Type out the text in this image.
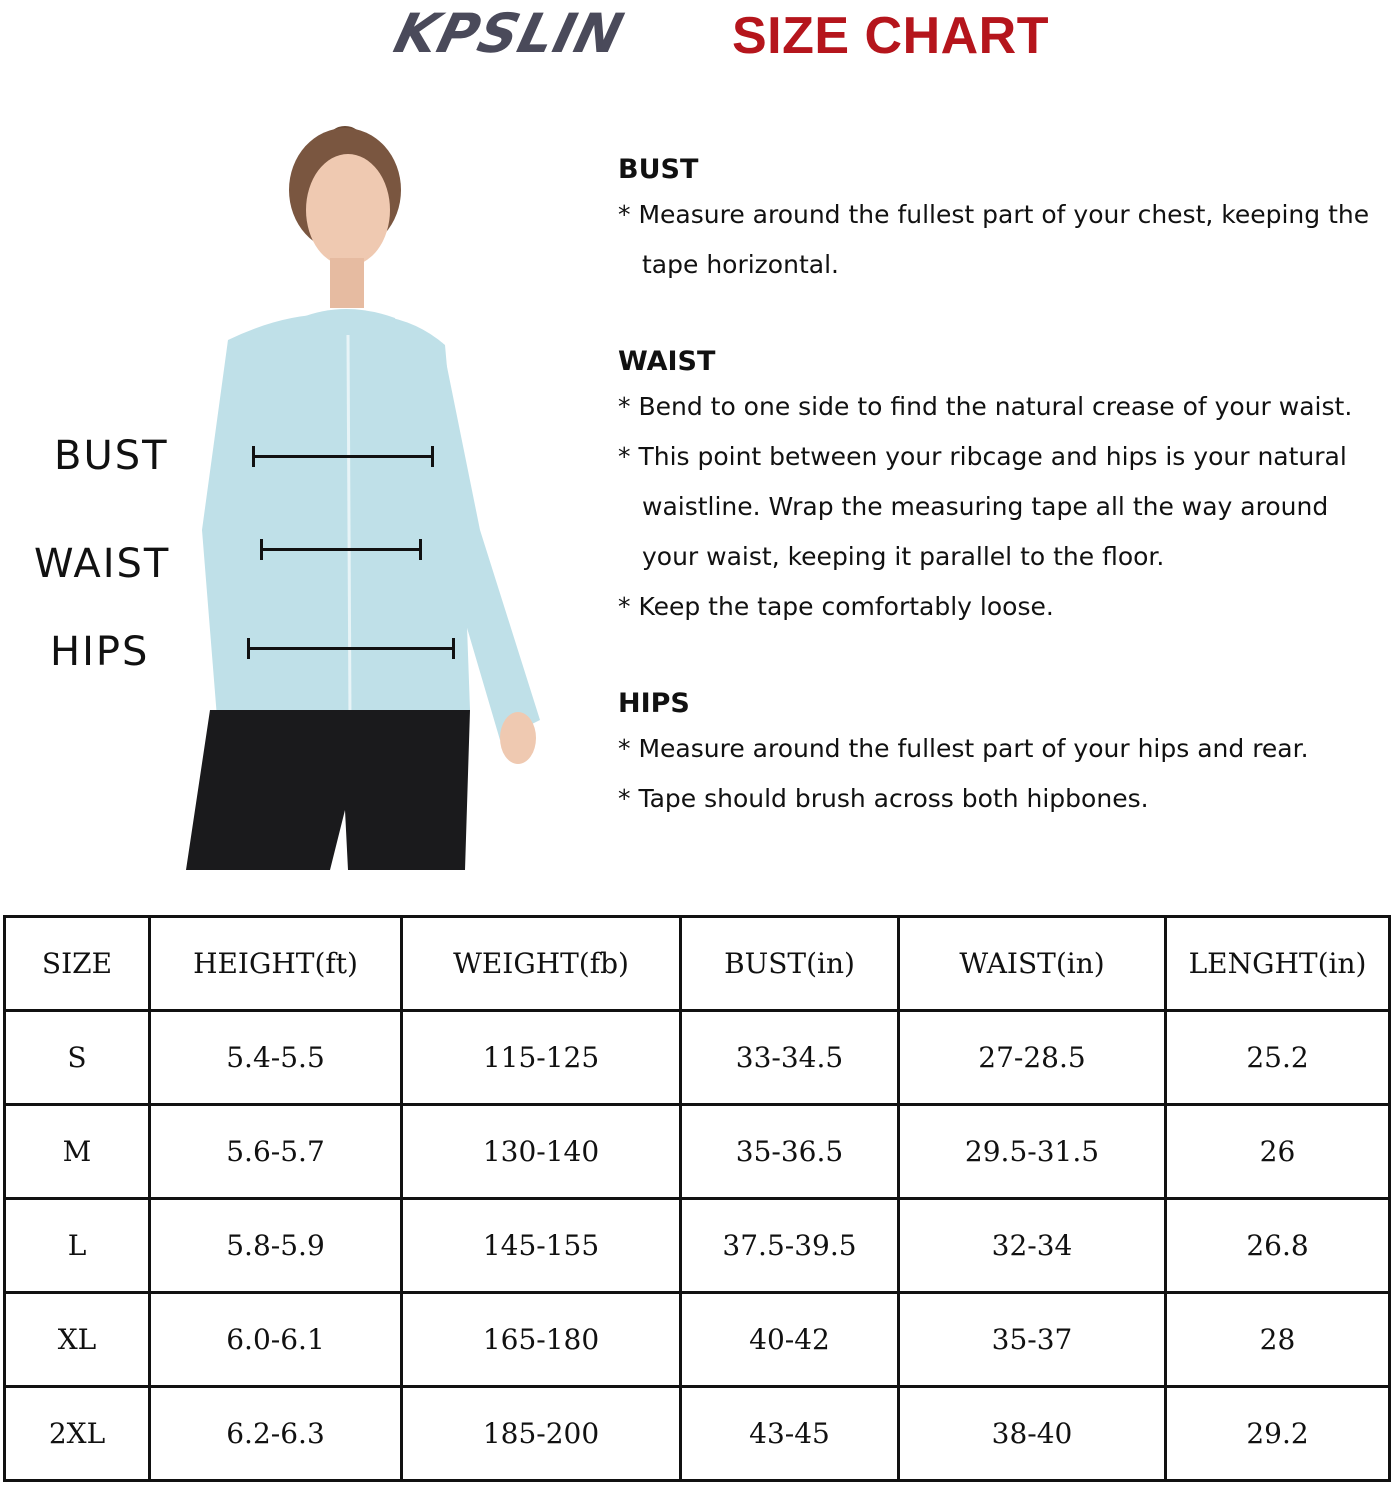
KPSLIN SIZE CHART
BUST
WAIST
HIPS

BUST

* Measure around the fullest part of your chest, keeping the tape horizontal.

WAIST

* Bend to one side to find the natural crease of your waist.

* This point between your ribcage and hips is your natural waistline. Wrap the measuring tape all the way around your waist, keeping it parallel to the floor.

* Keep the tape comfortably loose.

HIPS

* Measure around the fullest part of your hips and rear.

* Tape should brush across both hipbones.

SIZE	HEIGHT(ft)	WEIGHT(fb)	BUST(in)	WAIST(in)	LENGHT(in)
S	5.4-5.5	115-125	33-34.5	27-28.5	25.2
M	5.6-5.7	130-140	35-36.5	29.5-31.5	26
L	5.8-5.9	145-155	37.5-39.5	32-34	26.8
XL	6.0-6.1	165-180	40-42	35-37	28
2XL	6.2-6.3	185-200	43-45	38-40	29.2
